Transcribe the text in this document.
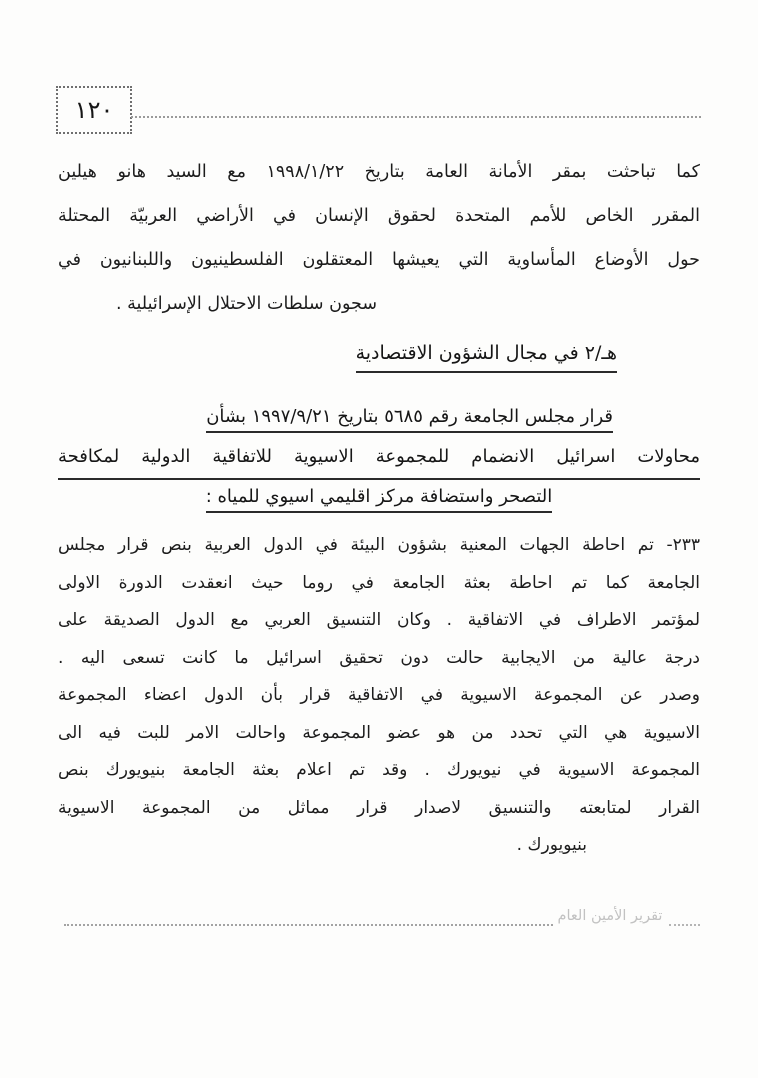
١٢٠
كما تباحثت بمقر الأمانة العامة بتاريخ ١٩٩٨/١/٢٢ مع السيد هانو هيلين
المقرر الخاص للأمم المتحدة لحقوق الإنسان في الأراضي العربيّة المحتلة
حول الأوضاع المأساوية التي يعيشها المعتقلون الفلسطينيون واللبنانيون في
سجون سلطات الاحتلال الإسرائيلية .
هـ/٢ في مجال الشؤون الاقتصادية
قرار مجلس الجامعة رقم ٥٦٨٥ بتاريخ ١٩٩٧/٩/٢١ بشأن
محاولات اسرائيل الانضمام للمجموعة الاسيوية للاتفاقية الدولية لمكافحة
التصحر واستضافة مركز اقليمي اسيوي للمياه :
٢٣٣- تم احاطة الجهات المعنية بشؤون البيئة في الدول العربية بنص قرار مجلس
الجامعة كما تم احاطة بعثة الجامعة في روما حيث انعقدت الدورة الاولى
لمؤتمر الاطراف في الاتفاقية . وكان التنسيق العربي مع الدول الصديقة على
درجة عالية من الايجابية حالت دون تحقيق اسرائيل ما كانت تسعى اليه .
وصدر عن المجموعة الاسيوية في الاتفاقية قرار بأن الدول اعضاء المجموعة
الاسيوية هي التي تحدد من هو عضو المجموعة واحالت الامر للبت فيه الى
المجموعة الاسيوية في نيويورك . وقد تم اعلام بعثة الجامعة بنيويورك بنص
القرار لمتابعته والتنسيق لاصدار قرار مماثل من المجموعة الاسيوية
بنيويورك .
تقرير الأمين العام
